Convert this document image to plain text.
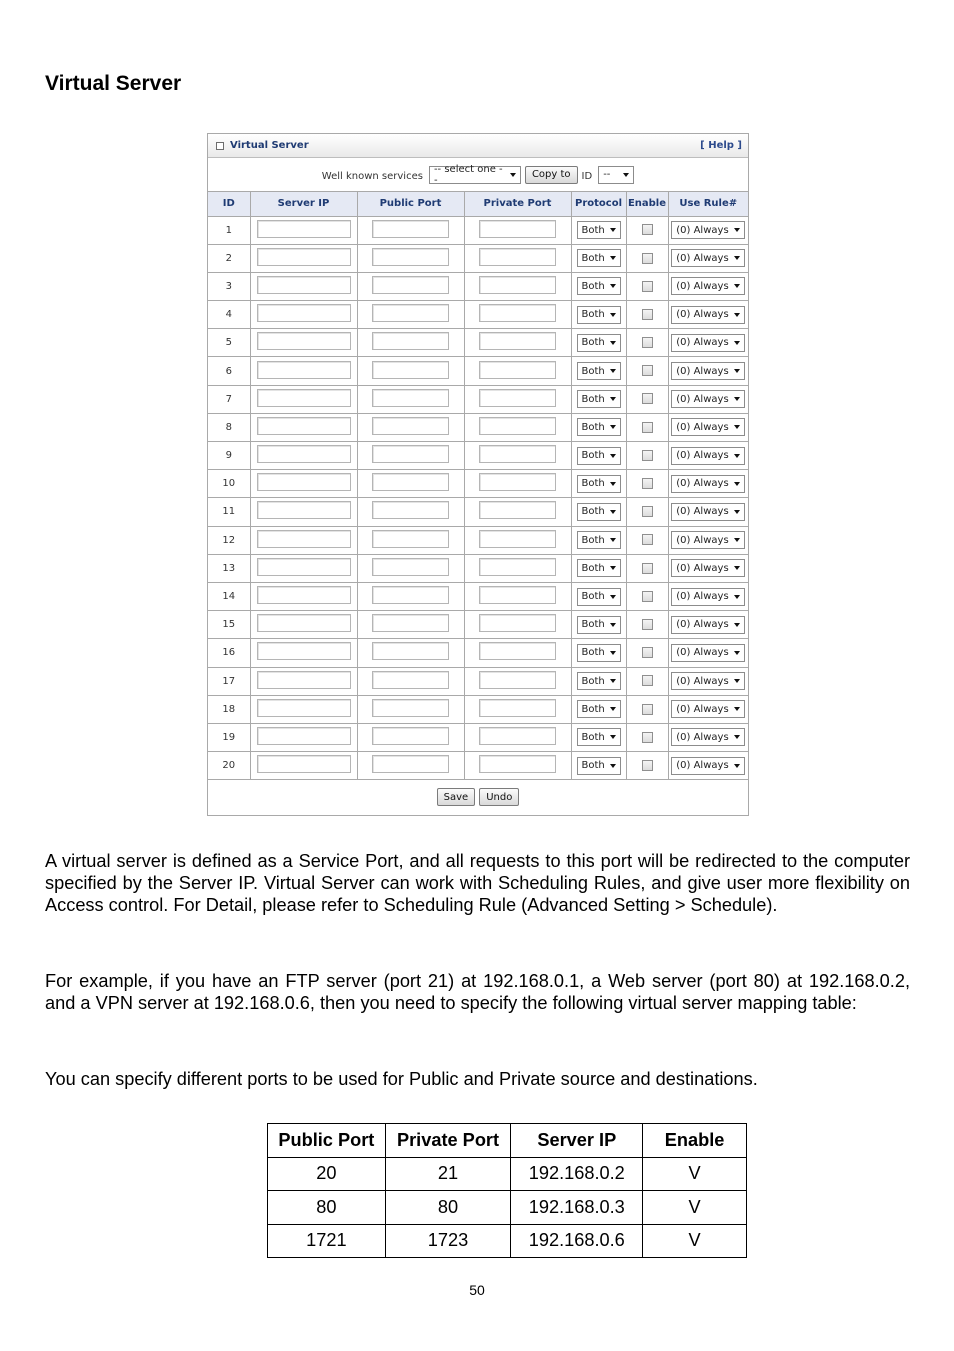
Virtual Server
Virtual Server	[ Help ]
Well known services
-- select one --	Copy to	ID --
ID	Server IP	Public Port	Private Port	Protocol	Enable	Use Rule#
1				Both		(0) Always

2				Both		(0) Always

3				Both		(0) Always

4				Both		(0) Always

5				Both		(0) Always

6				Both		(0) Always

7				Both		(0) Always

8				Both		(0) Always

9				Both		(0) Always

10				Both		(0) Always

11				Both		(0) Always

12				Both		(0) Always

13				Both		(0) Always

14				Both		(0) Always

15				Both		(0) Always

16				Both		(0) Always

17				Both		(0) Always

18				Both		(0) Always

19				Both		(0) Always

20				Both		(0) Always
Save	Undo

A virtual server is defined as a Service Port, and all requests to this port will be redirected to the computer specified by the Server IP. Virtual Server can work with Scheduling Rules, and give user more flexibility on Access control. For Detail, please refer to Scheduling Rule (Advanced Setting > Schedule).

For example, if you have an FTP server (port 21) at 192.168.0.1, a Web server (port 80) at 192.168.0.2, and a VPN server at 192.168.0.6, then you need to specify the following virtual server mapping table:

You can specify different ports to be used for Public and Private source and destinations.

Public Port	Private Port	Server IP	Enable
20	21	192.168.0.2	V
80	80	192.168.0.3	V
1721	1723	192.168.0.6	V
50
